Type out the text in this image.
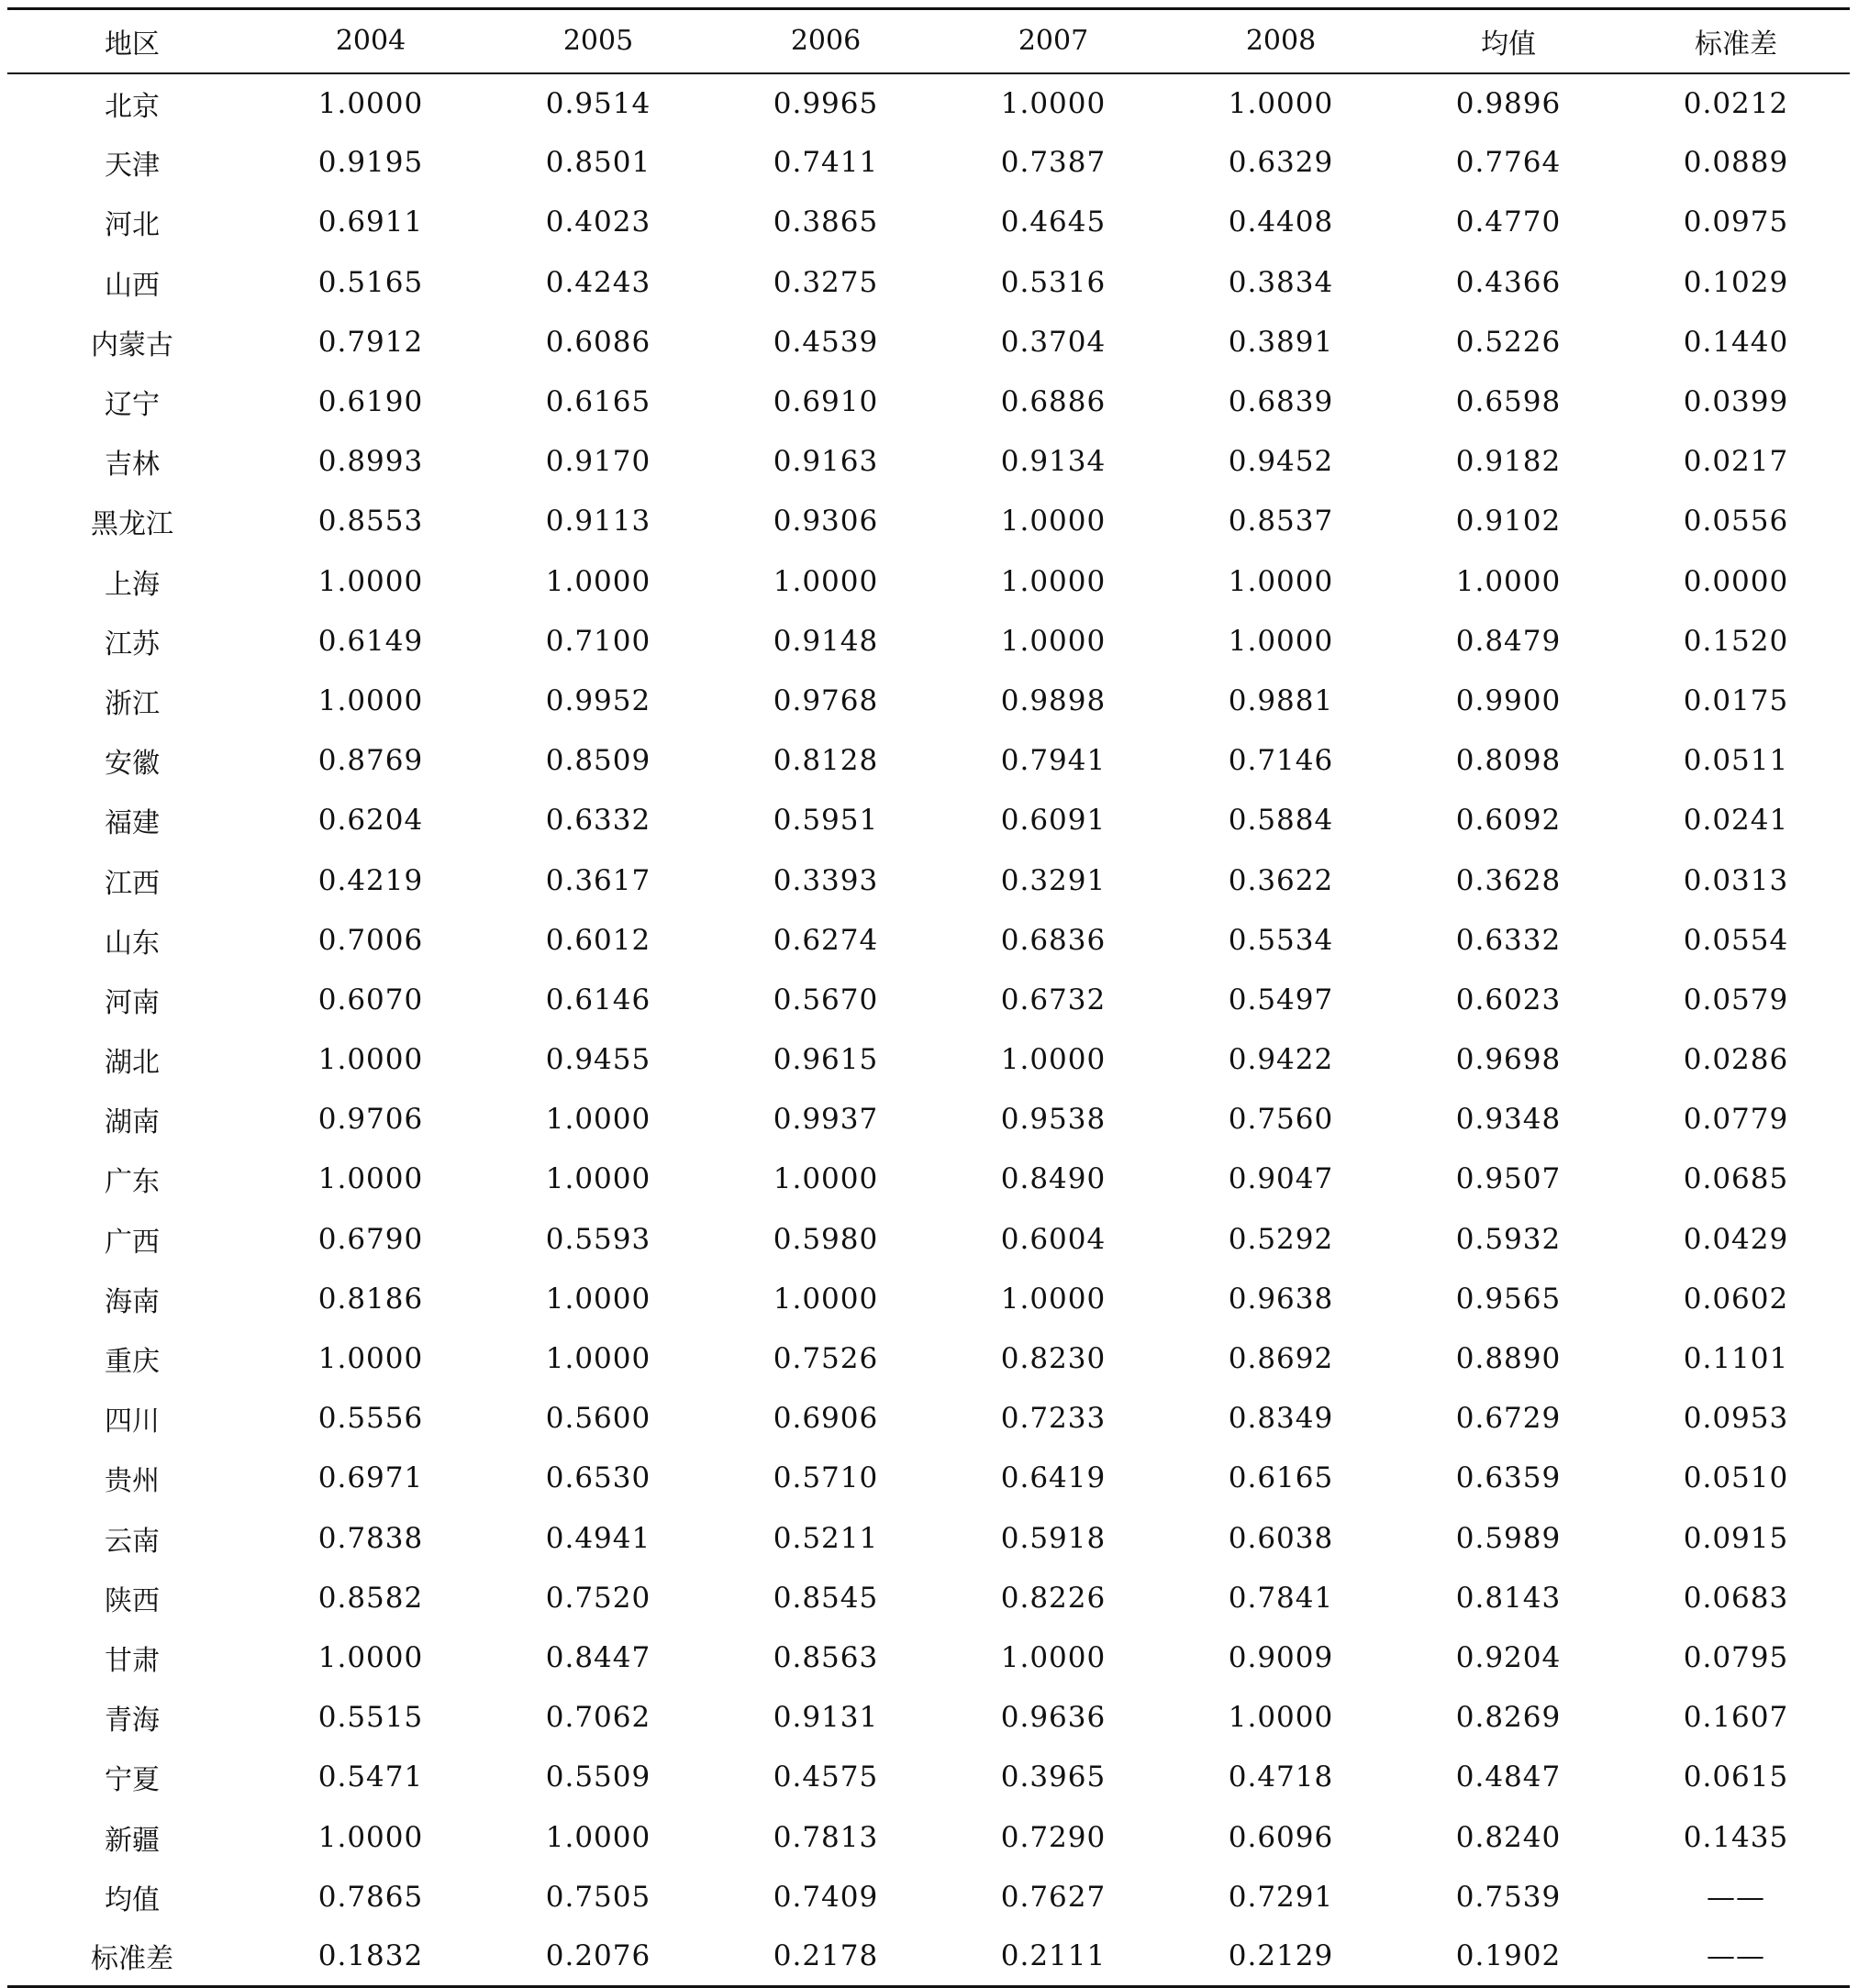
地区	2004	2005	2006	2007	2008	均值	标准差
北京	1.0000	0.9514	0.9965	1.0000	1.0000	0.9896	0.0212
天津	0.9195	0.8501	0.7411	0.7387	0.6329	0.7764	0.0889
河北	0.6911	0.4023	0.3865	0.4645	0.4408	0.4770	0.0975
山西	0.5165	0.4243	0.3275	0.5316	0.3834	0.4366	0.1029
内蒙古	0.7912	0.6086	0.4539	0.3704	0.3891	0.5226	0.1440
辽宁	0.6190	0.6165	0.6910	0.6886	0.6839	0.6598	0.0399
吉林	0.8993	0.9170	0.9163	0.9134	0.9452	0.9182	0.0217
黑龙江	0.8553	0.9113	0.9306	1.0000	0.8537	0.9102	0.0556
上海	1.0000	1.0000	1.0000	1.0000	1.0000	1.0000	0.0000
江苏	0.6149	0.7100	0.9148	1.0000	1.0000	0.8479	0.1520
浙江	1.0000	0.9952	0.9768	0.9898	0.9881	0.9900	0.0175
安徽	0.8769	0.8509	0.8128	0.7941	0.7146	0.8098	0.0511
福建	0.6204	0.6332	0.5951	0.6091	0.5884	0.6092	0.0241
江西	0.4219	0.3617	0.3393	0.3291	0.3622	0.3628	0.0313
山东	0.7006	0.6012	0.6274	0.6836	0.5534	0.6332	0.0554
河南	0.6070	0.6146	0.5670	0.6732	0.5497	0.6023	0.0579
湖北	1.0000	0.9455	0.9615	1.0000	0.9422	0.9698	0.0286
湖南	0.9706	1.0000	0.9937	0.9538	0.7560	0.9348	0.0779
广东	1.0000	1.0000	1.0000	0.8490	0.9047	0.9507	0.0685
广西	0.6790	0.5593	0.5980	0.6004	0.5292	0.5932	0.0429
海南	0.8186	1.0000	1.0000	1.0000	0.9638	0.9565	0.0602
重庆	1.0000	1.0000	0.7526	0.8230	0.8692	0.8890	0.1101
四川	0.5556	0.5600	0.6906	0.7233	0.8349	0.6729	0.0953
贵州	0.6971	0.6530	0.5710	0.6419	0.6165	0.6359	0.0510
云南	0.7838	0.4941	0.5211	0.5918	0.6038	0.5989	0.0915
陕西	0.8582	0.7520	0.8545	0.8226	0.7841	0.8143	0.0683
甘肃	1.0000	0.8447	0.8563	1.0000	0.9009	0.9204	0.0795
青海	0.5515	0.7062	0.9131	0.9636	1.0000	0.8269	0.1607
宁夏	0.5471	0.5509	0.4575	0.3965	0.4718	0.4847	0.0615
新疆	1.0000	1.0000	0.7813	0.7290	0.6096	0.8240	0.1435
均值	0.7865	0.7505	0.7409	0.7627	0.7291	0.7539	——
标准差	0.1832	0.2076	0.2178	0.2111	0.2129	0.1902	——
